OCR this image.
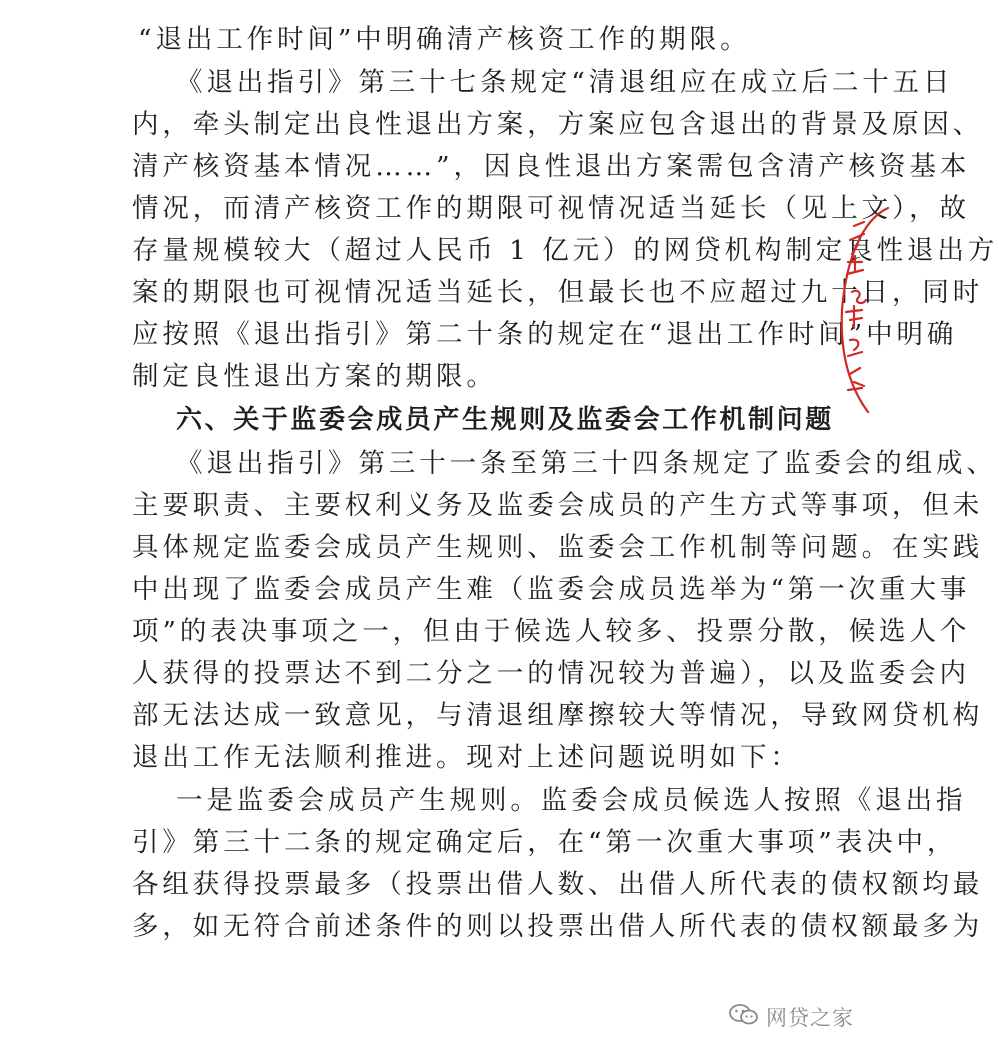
“退出工作时间”中明确清产核资工作的期限。
《退出指引》第三十七条规定“清退组应在成立后二十五日
内，牵头制定出良性退出方案，方案应包含退出的背景及原因、
清产核资基本情况……”，因良性退出方案需包含清产核资基本
情况，而清产核资工作的期限可视情况适当延长（见上文），故
存量规模较大（超过人民币 1 亿元）的网贷机构制定良性退出方
案的期限也可视情况适当延长，但最长也不应超过九十日，同时
应按照《退出指引》第二十条的规定在“退出工作时间”中明确
制定良性退出方案的期限。
六、关于监委会成员产生规则及监委会工作机制问题
《退出指引》第三十一条至第三十四条规定了监委会的组成、
主要职责、主要权利义务及监委会成员的产生方式等事项，但未
具体规定监委会成员产生规则、监委会工作机制等问题。在实践
中出现了监委会成员产生难（监委会成员选举为“第一次重大事
项”的表决事项之一，但由于候选人较多、投票分散，候选人个
人获得的投票达不到二分之一的情况较为普遍），以及监委会内
部无法达成一致意见，与清退组摩擦较大等情况，导致网贷机构
退出工作无法顺利推进。现对上述问题说明如下：
一是监委会成员产生规则。监委会成员候选人按照《退出指
引》第三十二条的规定确定后，在“第一次重大事项”表决中，
各组获得投票最多（投票出借人数、出借人所代表的债权额均最
多，如无符合前述条件的则以投票出借人所代表的债权额最多为
网贷之家
